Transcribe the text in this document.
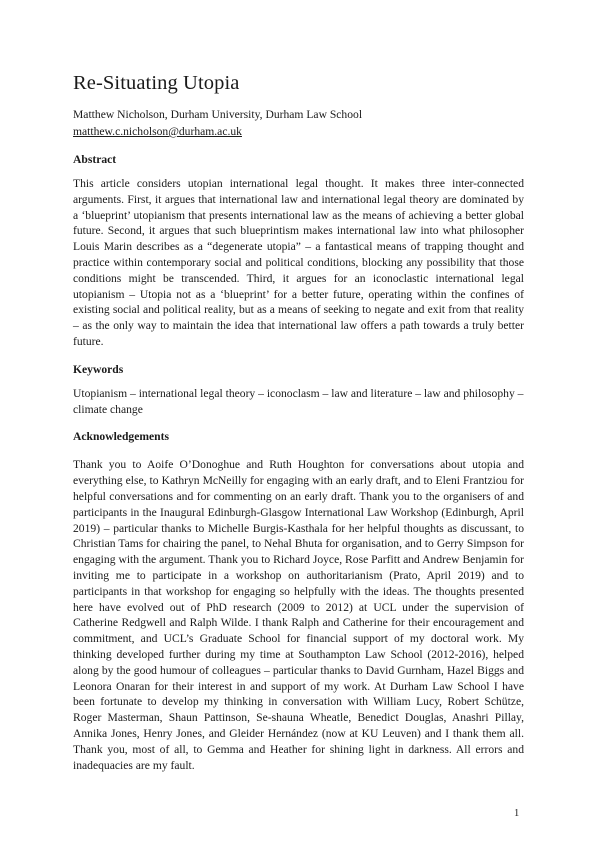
Re-Situating Utopia

Matthew Nicholson, Durham University, Durham Law School

matthew.c.nicholson@durham.ac.uk

Abstract

This article considers utopian international legal thought. It makes three inter-connected arguments. First, it argues that international law and international legal theory are dominated by a ‘blueprint’ utopianism that presents international law as the means of achieving a better global future. Second, it argues that such blueprintism makes international law into what philosopher Louis Marin describes as a “degenerate utopia” – a fantastical means of trapping thought and practice within contemporary social and political conditions, blocking any possibility that those conditions might be transcended. Third, it argues for an iconoclastic international legal utopianism – Utopia not as a ‘blueprint’ for a better future, operating within the confines of existing social and political reality, but as a means of seeking to negate and exit from that reality – as the only way to maintain the idea that international law offers a path towards a truly better future.

Keywords

Utopianism – international legal theory – iconoclasm – law and literature – law and philosophy – climate change

Acknowledgements

Thank you to Aoife O’Donoghue and Ruth Houghton for conversations about utopia and everything else, to Kathryn McNeilly for engaging with an early draft, and to Eleni Frantziou for helpful conversations and for commenting on an early draft. Thank you to the organisers of and participants in the Inaugural Edinburgh-Glasgow International Law Workshop (Edinburgh, April 2019) – particular thanks to Michelle Burgis-Kasthala for her helpful thoughts as discussant, to Christian Tams for chairing the panel, to Nehal Bhuta for organisation, and to Gerry Simpson for engaging with the argument. Thank you to Richard Joyce, Rose Parfitt and Andrew Benjamin for inviting me to participate in a workshop on authoritarianism (Prato, April 2019) and to participants in that workshop for engaging so helpfully with the ideas. The thoughts presented here have evolved out of PhD research (2009 to 2012) at UCL under the supervision of Catherine Redgwell and Ralph Wilde. I thank Ralph and Catherine for their encouragement and commitment, and UCL’s Graduate School for financial support of my doctoral work. My thinking developed further during my time at Southampton Law School (2012-2016), helped along by the good humour of colleagues – particular thanks to David Gurnham, Hazel Biggs and Leonora Onaran for their interest in and support of my work. At Durham Law School I have been fortunate to develop my thinking in conversation with William Lucy, Robert Schütze, Roger Masterman, Shaun Pattinson, Se-shauna Wheatle, Benedict Douglas, Anashri Pillay, Annika Jones, Henry Jones, and Gleider Hernández (now at KU Leuven) and I thank them all. Thank you, most of all, to Gemma and Heather for shining light in darkness. All errors and inadequacies are my fault.

1
